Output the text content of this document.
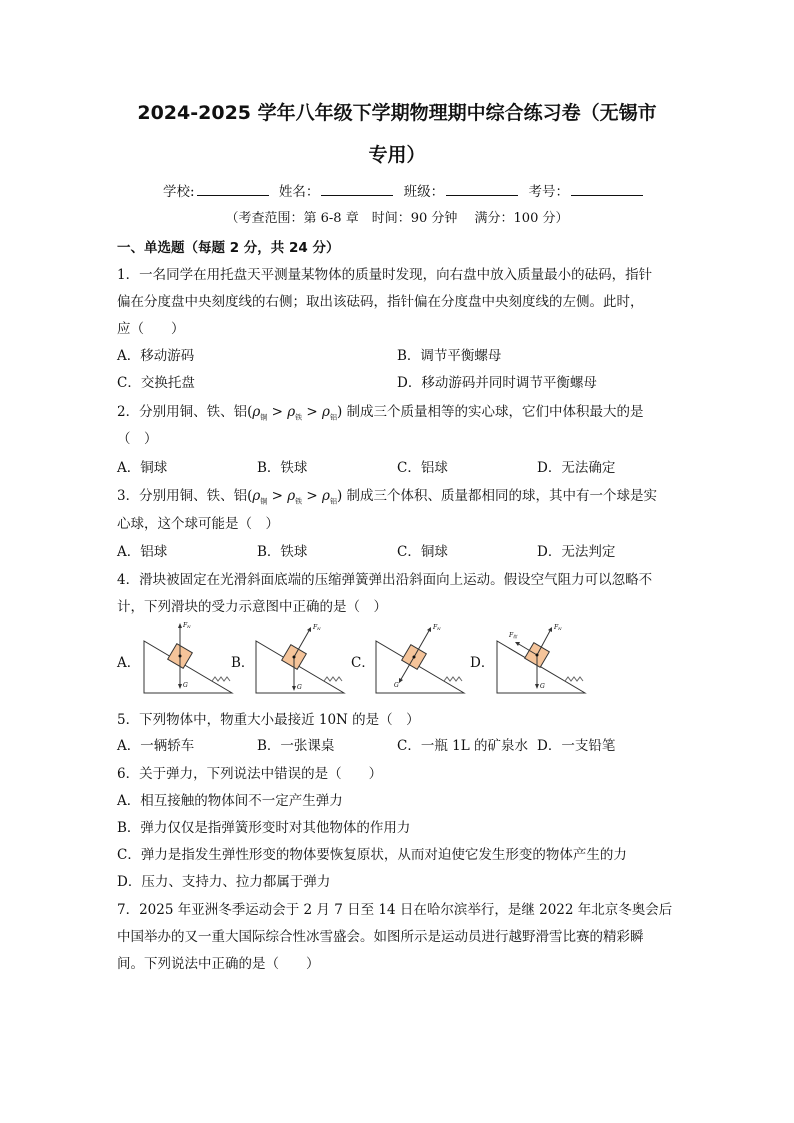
2024-2025 学年八年级下学期物理期中综合练习卷（无锡市
专用）
学校:	姓名：	班级：	考号：
（考查范围：第 6-8 章　时间：90 分钟　 满分：100 分）
一、单选题（每题 2 分，共 24 分）
1．一名同学在用托盘天平测量某物体的质量时发现，向右盘中放入质量最小的砝码，指针
偏在分度盘中央刻度线的右侧；取出该砝码，指针偏在分度盘中央刻度线的左侧。此时，
应（　　）
A．移动游码	B．调节平衡螺母
C．交换托盘	D．移动游码并同时调节平衡螺母
2．分别用铜、铁、铝$(\rho_铜 > \rho_铁 > \rho_铝)$ 制成三个质量相等的实心球，它们中体积最大的是
（　）
A．铜球	B．铁球	C．铝球	D．无法确定
3．分别用铜、铁、铝$(\rho_铜 > \rho_铁 > \rho_铝)$ 制成三个体积、质量都相同的球，其中有一个球是实
心球，这个球可能是（　）
A．铝球	B．铁球	C．铜球	D．无法判定
4．滑块被固定在光滑斜面底端的压缩弹簧弹出沿斜面向上运动。假设空气阻力可以忽略不
计，下列滑块的受力示意图中正确的是（　）
A．
FN
G
B．
FN
G
C．
FN
G
D．
FN
F阻
G
5．下列物体中，物重大小最接近 10N 的是（　）
A．一辆轿车	B．一张课桌	C．一瓶 1L 的矿泉水 D．一支铅笔
6．关于弹力，下列说法中错误的是（　　）
A．相互接触的物体间不一定产生弹力
B．弹力仅仅是指弹簧形变时对其他物体的作用力
C．弹力是指发生弹性形变的物体要恢复原状，从而对迫使它发生形变的物体产生的力
D．压力、支持力、拉力都属于弹力
7．2025 年亚洲冬季运动会于 2 月 7 日至 14 日在哈尔滨举行，是继 2022 年北京冬奥会后
中国举办的又一重大国际综合性冰雪盛会。如图所示是运动员进行越野滑雪比赛的精彩瞬
间。下列说法中正确的是（　　）
